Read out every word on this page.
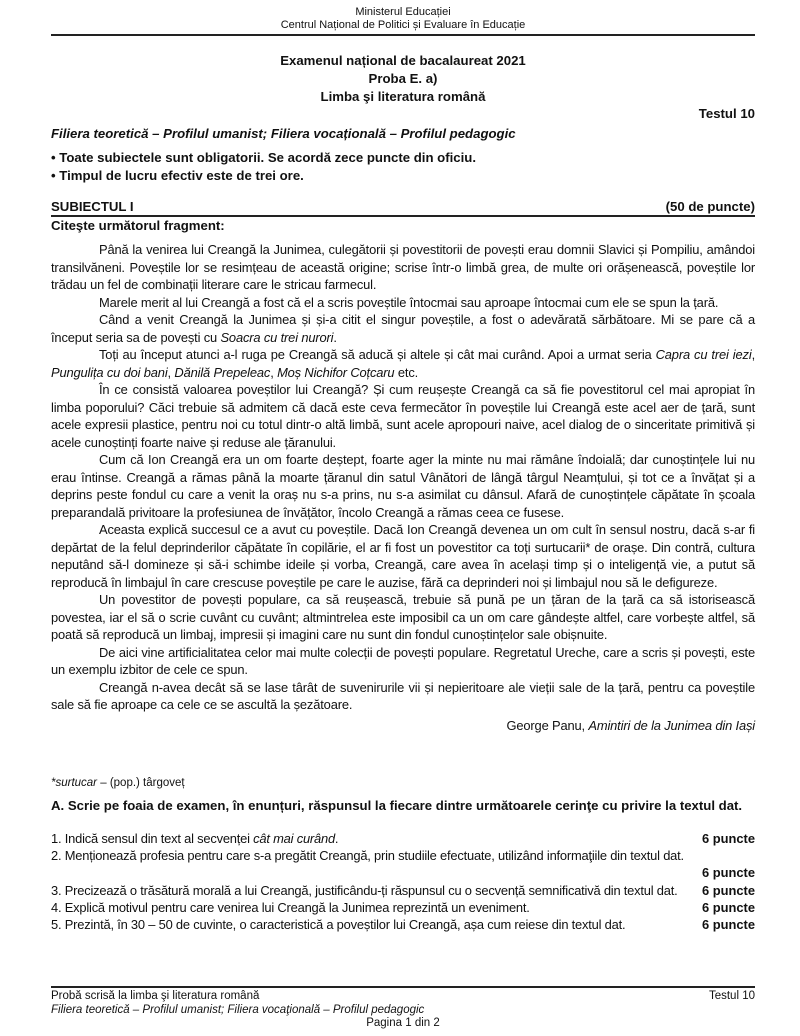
Ministerul Educației
Centrul Național de Politici și Evaluare în Educație
Examenul național de bacalaureat 2021
Proba E. a)
Limba şi literatura română
Testul 10
Filiera teoretică – Profilul umanist; Filiera vocațională – Profilul pedagogic
• Toate subiectele sunt obligatorii. Se acordă zece puncte din oficiu.
• Timpul de lucru efectiv este de trei ore.
SUBIECTUL I	(50 de puncte)
Citeşte următorul fragment:

Până la venirea lui Creangă la Junimea, culegătorii și povestitorii de povești erau domnii Slavici și Pompiliu, amândoi transilvăneni. Poveștile lor se resimțeau de această origine; scrise într-o limbă grea, de multe ori orășenească, poveștile lor trădau un fel de combinații literare care le stricau farmecul.

Marele merit al lui Creangă a fost că el a scris poveștile întocmai sau aproape întocmai cum ele se spun la țară.

Când a venit Creangă la Junimea și și-a citit el singur poveștile, a fost o adevărată sărbătoare. Mi se pare că a început seria sa de povești cu Soacra cu trei nurori.

Toți au început atunci a-l ruga pe Creangă să aducă și altele și cât mai curând. Apoi a urmat seria Capra cu trei iezi, Pungulița cu doi bani, Dănilă Prepeleac, Moș Nichifor Coțcaru etc.

În ce consistă valoarea poveștilor lui Creangă? Și cum reușește Creangă ca să fie povestitorul cel mai apropiat în limba poporului? Căci trebuie să admitem că dacă este ceva fermecător în poveștile lui Creangă este acel aer de țară, sunt acele expresii plastice, pentru noi cu totul dintr-o altă limbă, sunt acele apropouri naive, acel dialog de o sinceritate primitivă și acele cunoștinți foarte naive și reduse ale țăranului.

Cum că Ion Creangă era un om foarte deștept, foarte ager la minte nu mai rămâne îndoială; dar cunoștințele lui nu erau întinse. Creangă a rămas până la moarte țăranul din satul Vânători de lângă târgul Neamțului, și tot ce a învățat și a deprins peste fondul cu care a venit la oraș nu s-a prins, nu s-a asimilat cu dânsul. Afară de cunoștințele căpătate în școala preparandală privitoare la profesiunea de învățător, încolo Creangă a rămas ceea ce fusese.

Aceasta explică succesul ce a avut cu poveștile. Dacă Ion Creangă devenea un om cult în sensul nostru, dacă s-ar fi depărtat de la felul deprinderilor căpătate în copilărie, el ar fi fost un povestitor ca toți surtucarii* de orașe. Din contră, cultura neputând să-l domineze și să-i schimbe ideile și vorba, Creangă, care avea în același timp și o inteligență vie, a putut să reproducă în limbajul în care crescuse poveștile pe care le auzise, fără ca deprinderi noi și limbajul nou să le defigureze.

Un povestitor de povești populare, ca să reușească, trebuie să pună pe un țăran de la țară ca să istorisească povestea, iar el să o scrie cuvânt cu cuvânt; altmintrelea este imposibil ca un om care gândește altfel, care vorbește altfel, să poată să reproducă un limbaj, impresii și imagini care nu sunt din fondul cunoștințelor sale obișnuite.

De aici vine artificialitatea celor mai multe colecții de povești populare. Regretatul Ureche, care a scris și povești, este un exemplu izbitor de cele ce spun.

Creangă n-avea decât să se lase târât de suvenirurile vii și nepieritoare ale vieții sale de la țară, pentru ca poveștile sale să fie aproape ca cele ce se ascultă la șezătoare.

George Panu, Amintiri de la Junimea din Iași
*surtucar – (pop.) târgoveț
A. Scrie pe foaia de examen, în enunțuri, răspunsul la fiecare dintre următoarele cerinţe cu privire la textul dat.
1. Indică sensul din text al secvenței cât mai curând.	6 puncte
2. Menționează profesia pentru care s-a pregătit Creangă, prin studiile efectuate, utilizând informaţiile din textul dat.
6 puncte
3. Precizează o trăsătură morală a lui Creangă, justificându-ți răspunsul cu o secvență semnificativă din textul dat.	6 puncte
4. Explică motivul pentru care venirea lui Creangă la Junimea reprezintă un eveniment.	6 puncte
5. Prezintă, în 30 – 50 de cuvinte, o caracteristică a poveștilor lui Creangă, așa cum reiese din textul dat.	6 puncte
Probă scrisă la limba şi literatura română	Testul 10
Filiera teoretică – Profilul umanist; Filiera vocaţională – Profilul pedagogic
Pagina 1 din 2
